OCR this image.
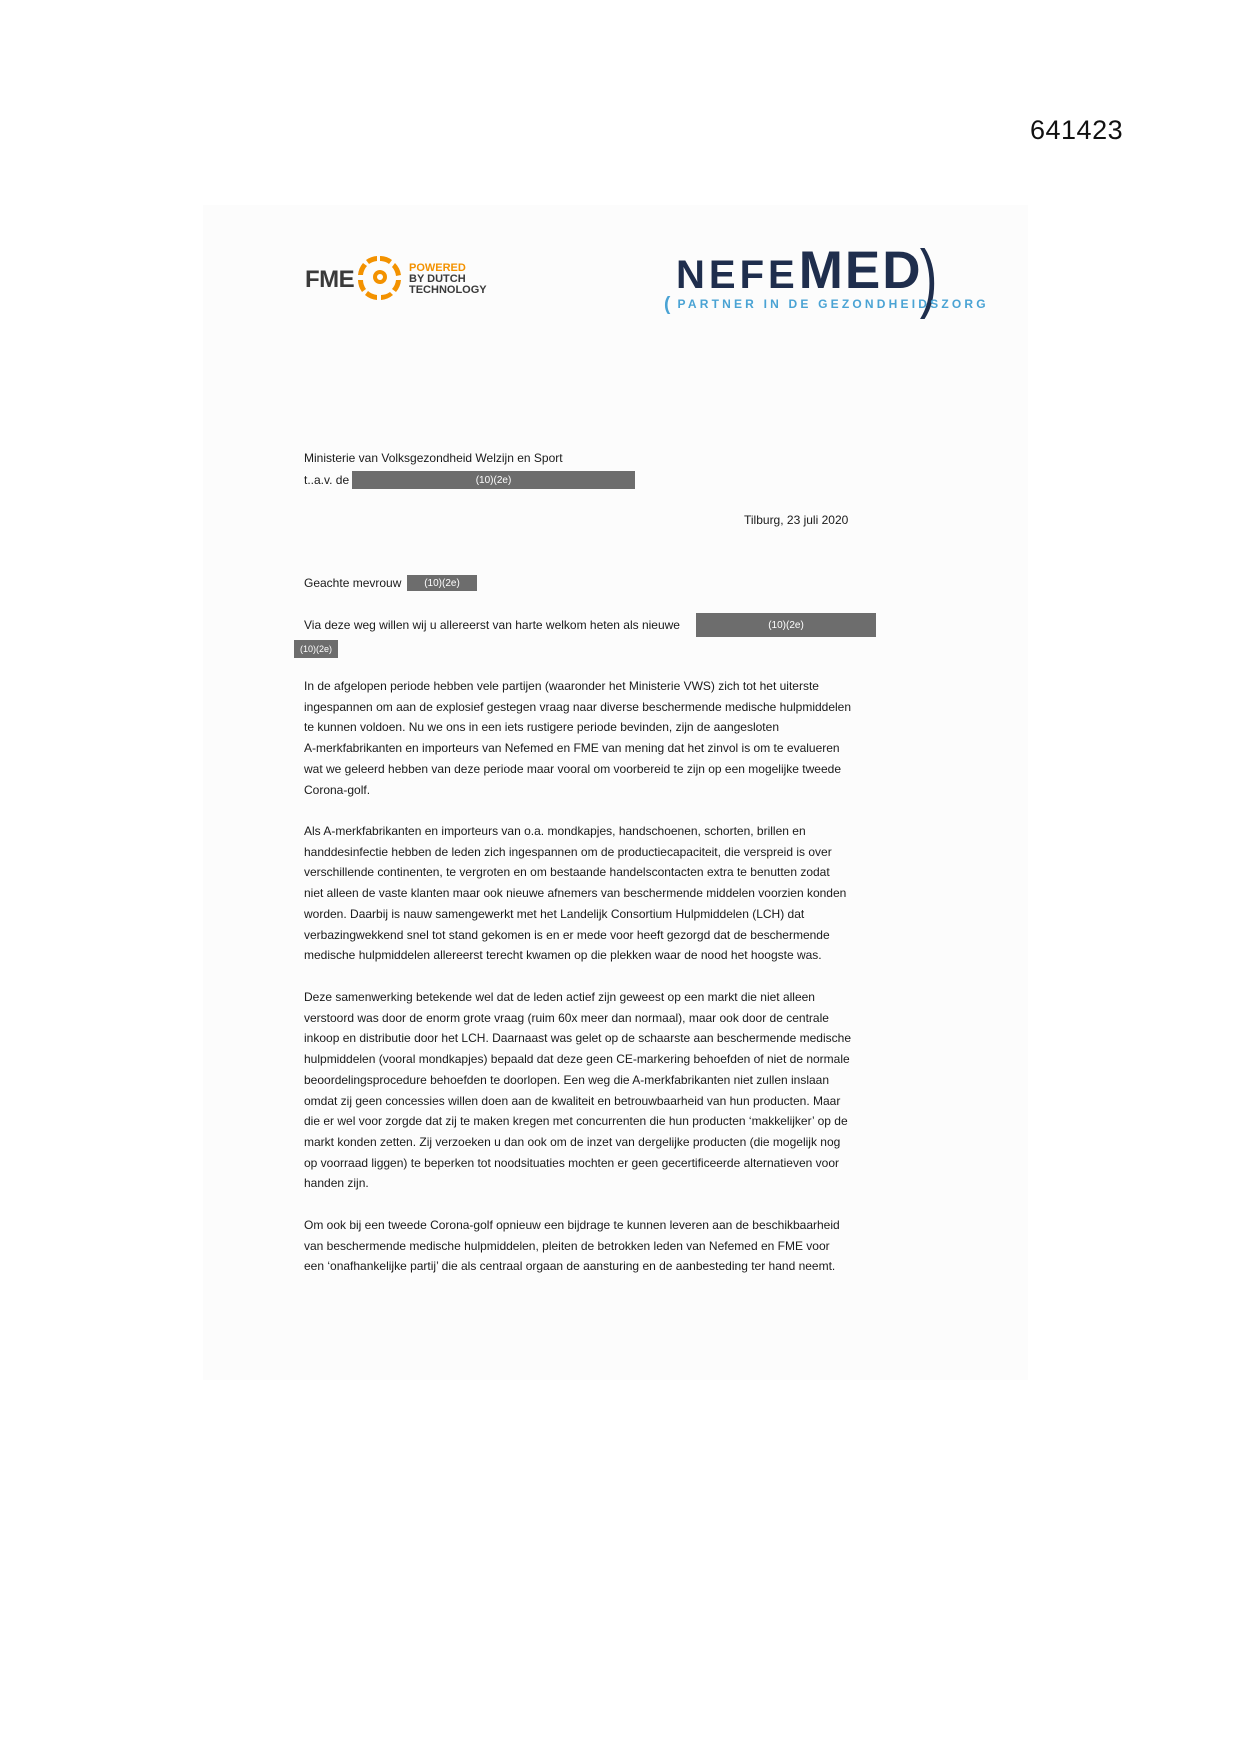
641423
FME	POWERED
BY DUTCH
TECHNOLOGY	NEFEMED
)
( PARTNER IN DE GEZONDHEIDSZORG
Ministerie van Volksgezondheid Welzijn en Sport
t..a.v. de	(10)(2e)
Tilburg, 23 juli 2020
Geachte mevrouw	(10)(2e)
Via deze weg willen wij u allereerst van harte welkom heten als nieuwe	(10)(2e)
(10)(2e)
In de afgelopen periode hebben vele partijen (waaronder het Ministerie VWS) zich tot het uiterste
ingespannen om aan de explosief gestegen vraag naar diverse beschermende medische hulpmiddelen
te kunnen voldoen. Nu we ons in een iets rustigere periode bevinden, zijn de aangesloten
A-merkfabrikanten en importeurs van Nefemed en FME van mening dat het zinvol is om te evalueren
wat we geleerd hebben van deze periode maar vooral om voorbereid te zijn op een mogelijke tweede
Corona-golf.
Als A-merkfabrikanten en importeurs van o.a. mondkapjes, handschoenen, schorten, brillen en
handdesinfectie hebben de leden zich ingespannen om de productiecapaciteit, die verspreid is over
verschillende continenten, te vergroten en om bestaande handelscontacten extra te benutten zodat
niet alleen de vaste klanten maar ook nieuwe afnemers van beschermende middelen voorzien konden
worden. Daarbij is nauw samengewerkt met het Landelijk Consortium Hulpmiddelen (LCH) dat
verbazingwekkend snel tot stand gekomen is en er mede voor heeft gezorgd dat de beschermende
medische hulpmiddelen allereerst terecht kwamen op die plekken waar de nood het hoogste was.
Deze samenwerking betekende wel dat de leden actief zijn geweest op een markt die niet alleen
verstoord was door de enorm grote vraag (ruim 60x meer dan normaal), maar ook door de centrale
inkoop en distributie door het LCH. Daarnaast was gelet op de schaarste aan beschermende medische
hulpmiddelen (vooral mondkapjes) bepaald dat deze geen CE-markering behoefden of niet de normale
beoordelingsprocedure behoefden te doorlopen. Een weg die A-merkfabrikanten niet zullen inslaan
omdat zij geen concessies willen doen aan de kwaliteit en betrouwbaarheid van hun producten. Maar
die er wel voor zorgde dat zij te maken kregen met concurrenten die hun producten ‘makkelijker’ op de
markt konden zetten. Zij verzoeken u dan ook om de inzet van dergelijke producten (die mogelijk nog
op voorraad liggen) te beperken tot noodsituaties mochten er geen gecertificeerde alternatieven voor
handen zijn.
Om ook bij een tweede Corona-golf opnieuw een bijdrage te kunnen leveren aan de beschikbaarheid
van beschermende medische hulpmiddelen, pleiten de betrokken leden van Nefemed en FME voor
een ‘onafhankelijke partij’ die als centraal orgaan de aansturing en de aanbesteding ter hand neemt.
